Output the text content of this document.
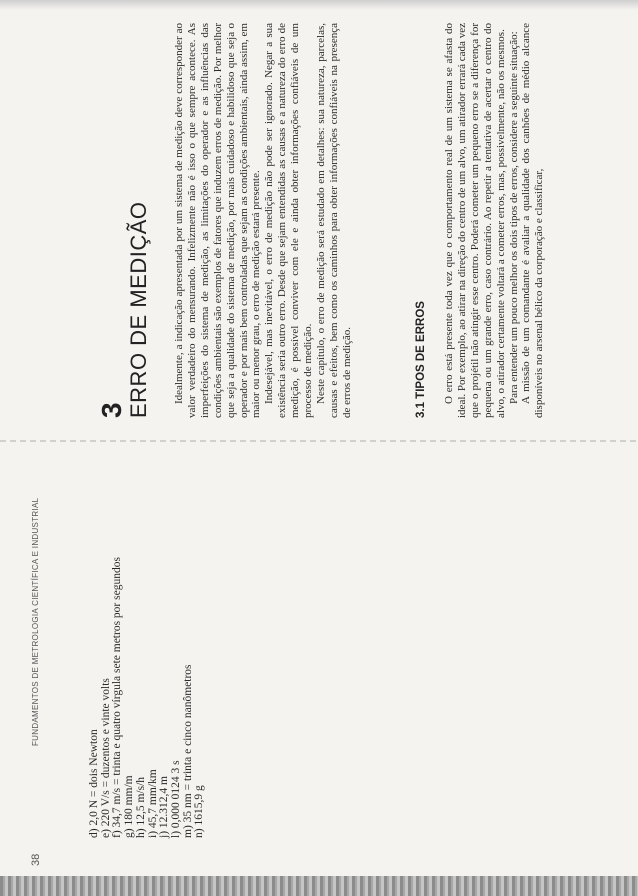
38
FUNDAMENTOS DE METROLOGIA CIENTÍFICA E INDUSTRIAL
d) 2,0 N = dois Newton e) 220 V/s = duzentos e vinte volts f) 34,7 m/s = trinta e quatro vírgula sete metros por segundos g) 180 mm/m h) 12,5 m/s/h i) 45,7 mm/km j) 12.312,4 m l) 0,000 0124 3 s m) 35 nm = trinta e cinco nanômetros n) 1615,9 g
3 ERRO DE MEDIÇÃO Idealmente, a indicação apresentada por um sistema de medição deve corresponder ao valor verdadeiro do mensurando. Infelizmente não é isso o que sempre acontece. As imperfeições do sistema de medição, as limitações do operador e as influências das condições ambientais são exemplos de fatores que induzem erros de medição. Por melhor que seja a qualidade do sistema de medição, por mais cuidadoso e habilidoso que seja o operador e por mais bem controladas que sejam as condições ambientais, ainda assim, em maior ou menor grau, o erro de medição estará presente. Indesejável, mas inevitável, o erro de medição não pode ser ignorado. Negar a sua existência seria outro erro. Desde que sejam entendidas as causas e a natureza do erro de medição, é possível conviver com ele e ainda obter informações confiáveis de um processo de medição. Neste capítulo, o erro de medição será estudado em detalhes: sua natureza, parcelas, causas e efeitos, bem como os caminhos para obter informações confiáveis na presença de erros de medição.	3.1 TIPOS DE ERROS O erro está presente toda vez que o comportamento real de um sistema se afasta do ideal. Por exemplo, ao atirar na direção do centro de um alvo, um atirador errará cada vez que o projétil não atingir esse centro. Poderá cometer um pequeno erro se a diferença for pequena ou um grande erro, caso contrário. Ao repetir a tentativa de acertar o centro do alvo, o atirador certamente voltará a cometer erros, mas, possivelmente, não os mesmos. Para entender um pouco melhor os dois tipos de erros, considere a seguinte situação: A missão de um comandante é avaliar a qualidade dos canhões de médio alcance disponíveis no arsenal bélico da corporação e classificar,
